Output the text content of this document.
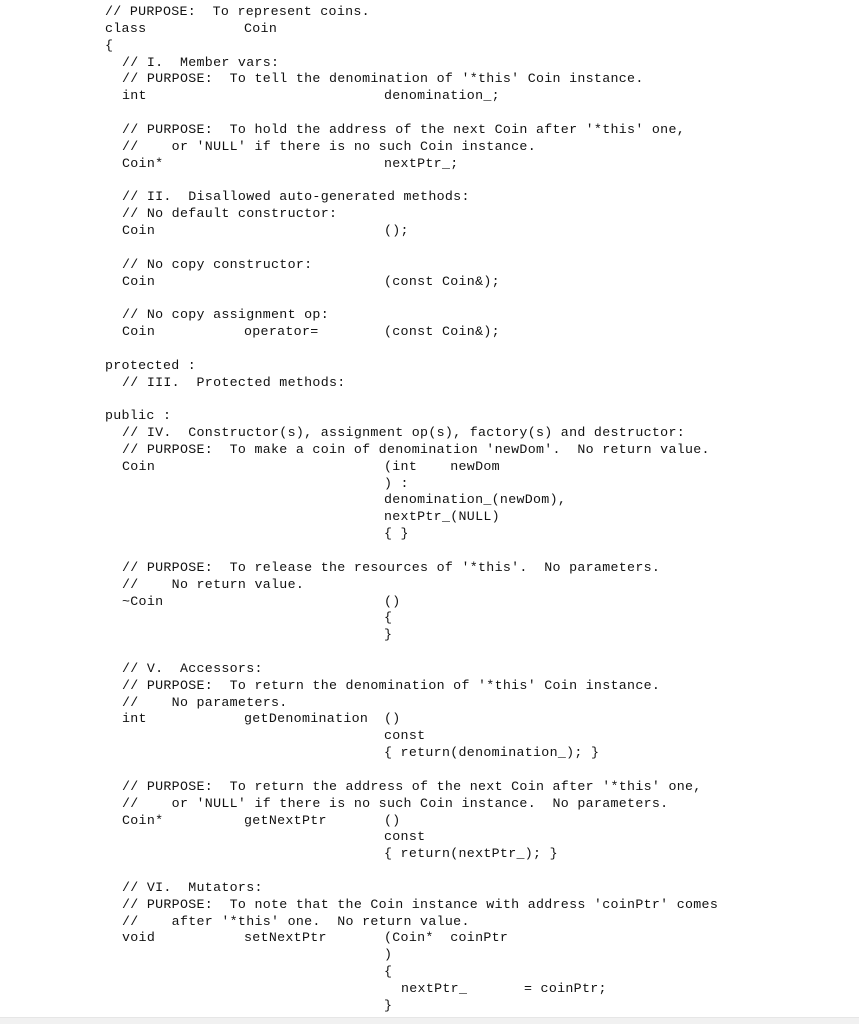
// PURPOSE:  To represent coins.
class	Coin
{
// I.  Member vars:
// PURPOSE:  To tell the denomination of '*this' Coin instance.
int	denomination_;
// PURPOSE:  To hold the address of the next Coin after '*this' one,
//    or 'NULL' if there is no such Coin instance.
Coin*	nextPtr_;
// II.  Disallowed auto-generated methods:
// No default constructor:
Coin	();
// No copy constructor:
Coin	(const Coin&);
// No copy assignment op:
Coin	operator=	(const Coin&);
protected :
// III.  Protected methods:
public :
// IV.  Constructor(s), assignment op(s), factory(s) and destructor:
// PURPOSE:  To make a coin of denomination 'newDom'.  No return value.
Coin	(int    newDom
) :
denomination_(newDom),
nextPtr_(NULL)
{ }
// PURPOSE:  To release the resources of '*this'.  No parameters.
//    No return value.
~Coin	()
{
}
// V.  Accessors:
// PURPOSE:  To return the denomination of '*this' Coin instance.
//    No parameters.
int	getDenomination ()
const
{ return(denomination_); }
// PURPOSE:  To return the address of the next Coin after '*this' one,
//    or 'NULL' if there is no such Coin instance.  No parameters.
Coin*	getNextPtr	()
const
{ return(nextPtr_); }
// VI.  Mutators:
// PURPOSE:  To note that the Coin instance with address 'coinPtr' comes
//    after '*this' one.  No return value.
void	setNextPtr	(Coin*  coinPtr
)
{
nextPtr_	= coinPtr;
}
